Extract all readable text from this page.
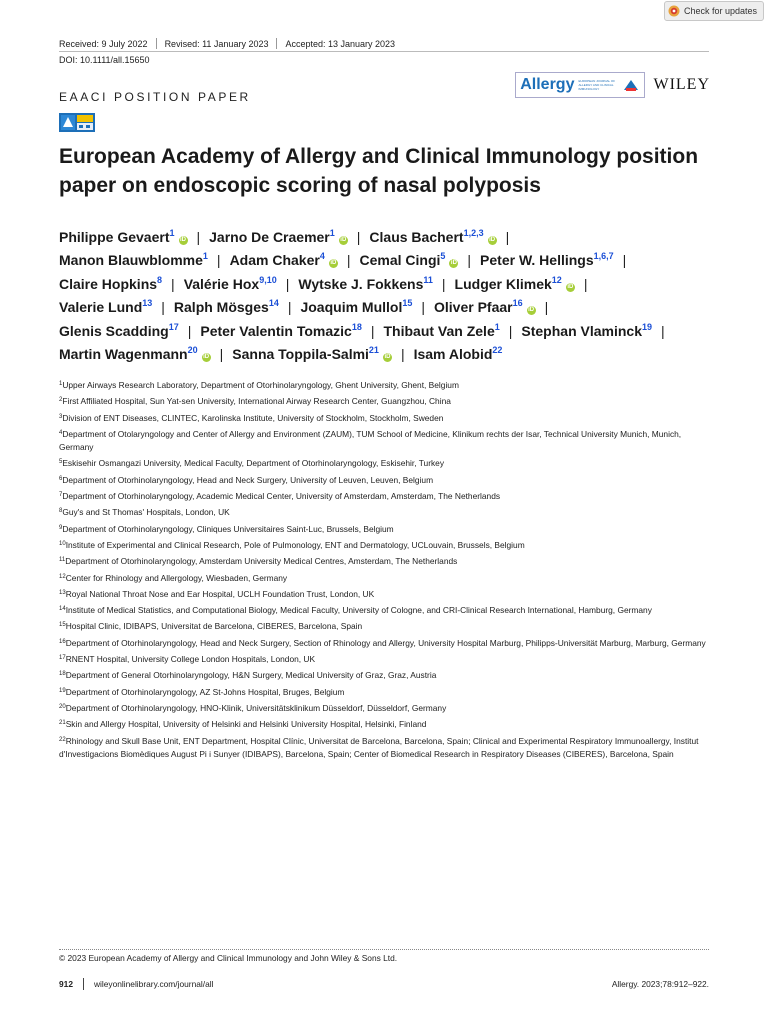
Check for updates
Received: 9 July 2022 Revised: 11 January 2023 Accepted: 13 January 2023
DOI: 10.1111/all.15650
Allergy EUROPEAN JOURNAL OF ALLERGY AND CLINICAL IMMUNOLOGY	WILEY
EAACI POSITION PAPER
European Academy of Allergy and Clinical Immunology position paper on endoscopic scoring of nasal polyposis
Philippe Gevaert$^1$iD | Jarno De Craemer$^1$iD | Claus Bachert$^{1,2,3}$iD |
Manon Blauwblomme$^1$ | Adam Chaker$^4$iD | Cemal Cingi$^5$iD | Peter W. Hellings$^{1,6,7}$ |
Claire Hopkins$^8$ | Valérie Hox$^{9,10}$ | Wytske J. Fokkens$^{11}$ | Ludger Klimek$^{12}$iD |
Valerie Lund$^{13}$ | Ralph Mösges$^{14}$ | Joaquim Mullol$^{15}$ | Oliver Pfaar$^{16}$iD |
Glenis Scadding$^{17}$ | Peter Valentin Tomazic$^{18}$ | Thibaut Van Zele$^1$ | Stephan Vlaminck$^{19}$ |
Martin Wagenmann$^{20}$iD | Sanna Toppila-Salmi$^{21}$iD | Isam Alobid$^{22}$
$^1$Upper Airways Research Laboratory, Department of Otorhinolaryngology, Ghent University, Ghent, Belgium
$^2$First Affiliated Hospital, Sun Yat-sen University, International Airway Research Center, Guangzhou, China
$^3$Division of ENT Diseases, CLINTEC, Karolinska Institute, University of Stockholm, Stockholm, Sweden
$^4$Department of Otolaryngology and Center of Allergy and Environment (ZAUM), TUM School of Medicine, Klinikum rechts der Isar, Technical University Munich, Munich, Germany
$^5$Eskisehir Osmangazi University, Medical Faculty, Department of Otorhinolaryngology, Eskisehir, Turkey
$^6$Department of Otorhinolaryngology, Head and Neck Surgery, University of Leuven, Leuven, Belgium
$^7$Department of Otorhinolaryngology, Academic Medical Center, University of Amsterdam, Amsterdam, The Netherlands
$^8$Guy's and St Thomas' Hospitals, London, UK
$^9$Department of Otorhinolaryngology, Cliniques Universitaires Saint-Luc, Brussels, Belgium
$^{10}$Institute of Experimental and Clinical Research, Pole of Pulmonology, ENT and Dermatology, UCLouvain, Brussels, Belgium
$^{11}$Department of Otorhinolaryngology, Amsterdam University Medical Centres, Amsterdam, The Netherlands
$^{12}$Center for Rhinology and Allergology, Wiesbaden, Germany
$^{13}$Royal National Throat Nose and Ear Hospital, UCLH Foundation Trust, London, UK
$^{14}$Institute of Medical Statistics, and Computational Biology, Medical Faculty, University of Cologne, and CRI-Clinical Research International, Hamburg, Germany
$^{15}$Hospital Clinic, IDIBAPS, Universitat de Barcelona, CIBERES, Barcelona, Spain
$^{16}$Department of Otorhinolaryngology, Head and Neck Surgery, Section of Rhinology and Allergy, University Hospital Marburg, Philipps-Universität Marburg, Marburg, Germany
$^{17}$RNENT Hospital, University College London Hospitals, London, UK
$^{18}$Department of General Otorhinolaryngology, H&N Surgery, Medical University of Graz, Graz, Austria
$^{19}$Department of Otorhinolaryngology, AZ St-Johns Hospital, Bruges, Belgium
$^{20}$Department of Otorhinolaryngology, HNO-Klinik, Universitätsklinikum Düsseldorf, Düsseldorf, Germany
$^{21}$Skin and Allergy Hospital, University of Helsinki and Helsinki University Hospital, Helsinki, Finland
$^{22}$Rhinology and Skull Base Unit, ENT Department, Hospital Clínic, Universitat de Barcelona, Barcelona, Spain; Clinical and Experimental Respiratory Immunoallergy, Institut d'Investigacions Biomèdiques August Pi i Sunyer (IDIBAPS), Barcelona, Spain; Center of Biomedical Research in Respiratory Diseases (CIBERES), Barcelona, Spain
© 2023 European Academy of Allergy and Clinical Immunology and John Wiley & Sons Ltd.
912	wileyonlinelibrary.com/journal/all	Allergy. 2023;78:912–922.
